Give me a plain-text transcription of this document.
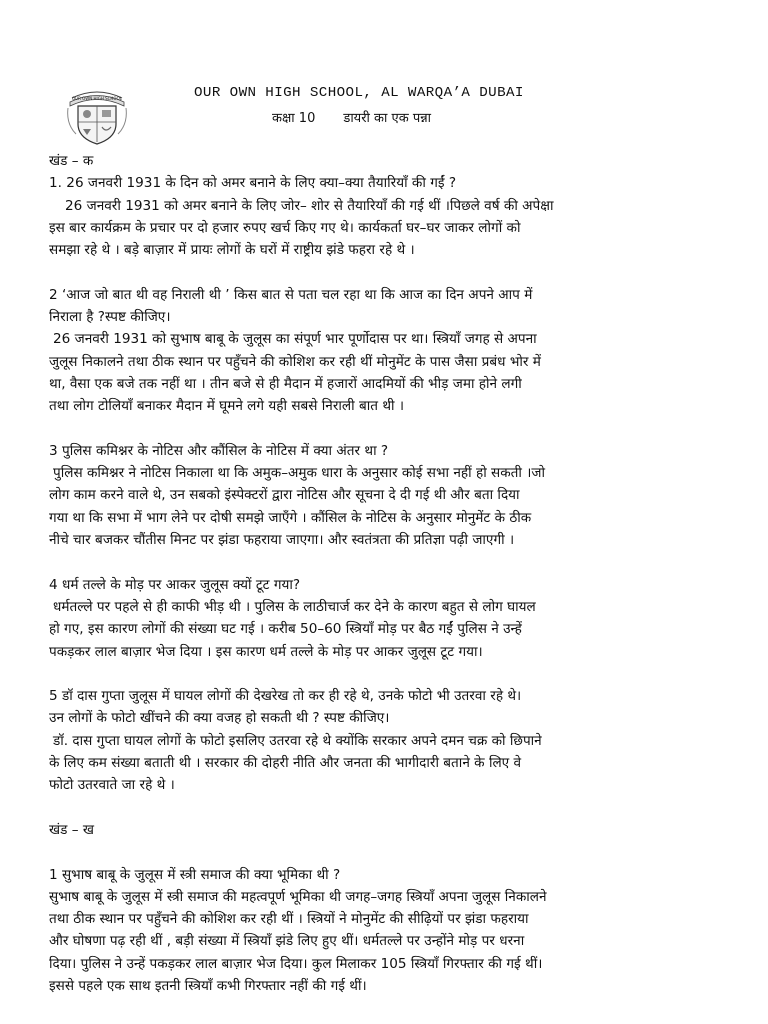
OUR OWN HIGH SCHOOL	OUR OWN HIGH SCHOOL, AL WARQA’A DUBAI
कक्षा 10 डायरी का एक पन्ना

खंड – क

1. 26 जनवरी 1931 के दिन को अमर बनाने के लिए क्या–क्या तैयारियाँ की गईं ?

26 जनवरी 1931 को अमर बनाने के लिए जोर– शोर से तैयारियाँ की गई थीं ।पिछले वर्ष की अपेक्षा

इस बार कार्यक्रम के प्रचार पर दो हजार रुपए खर्च किए गए थे। कार्यकर्ता घर–घर जाकर लोगों को

समझा रहे थे । बड़े बाज़ार में प्रायः लोगों के घरों में राष्ट्रीय झंडे फहरा रहे थे ।

2 ‘आज जो बात थी वह निराली थी ’ किस बात से पता चल रहा था कि आज का दिन अपने आप में

निराला है ?स्पष्ट कीजिए।

26 जनवरी 1931 को सुभाष बाबू के जुलूस का संपूर्ण भार पूर्णोदास पर था। स्त्रियाँ जगह से अपना

जुलूस निकालने तथा ठीक स्थान पर पहुँचने की कोशिश कर रही थीं मोनुमेंट के पास जैसा प्रबंध भोर में

था, वैसा एक बजे तक नहीं था । तीन बजे से ही मैदान में हजारों आदमियों की भीड़ जमा होने लगी

तथा लोग टोलियाँ बनाकर मैदान में घूमने लगे यही सबसे निराली बात थी ।

3 पुलिस कमिश्नर के नोटिस और कौंसिल के नोटिस में क्या अंतर था ?

पुलिस कमिश्नर ने नोटिस निकाला था कि अमुक–अमुक धारा के अनुसार कोई सभा नहीं हो सकती ।जो

लोग काम करने वाले थे, उन सबको इंस्पेक्टरों द्वारा नोटिस और सूचना दे दी गई थी और बता दिया

गया था कि सभा में भाग लेने पर दोषी समझे जाएँगे । कौंसिल के नोटिस के अनुसार मोनुमेंट के ठीक

नीचे चार बजकर चौंतीस मिनट पर झंडा फहराया जाएगा। और स्वतंत्रता की प्रतिज्ञा पढ़ी जाएगी ।

4 धर्म तल्ले के मोड़ पर आकर जुलूस क्यों टूट गया?

धर्मतल्ले पर पहले से ही काफी भीड़ थी । पुलिस के लाठीचार्ज कर देने के कारण बहुत से लोग घायल

हो गए, इस कारण लोगों की संख्या घट गई । करीब 50–60 स्त्रियाँ मोड़ पर बैठ गईं पुलिस ने उन्हें

पकड़कर लाल बाज़ार भेज दिया । इस कारण धर्म तल्ले के मोड़ पर आकर जुलूस टूट गया।

5 डॉ दास गुप्ता जुलूस में घायल लोगों की देखरेख तो कर ही रहे थे, उनके फोटो भी उतरवा रहे थे।

उन लोगों के फोटो खींचने की क्या वजह हो सकती थी ? स्पष्ट कीजिए।

डॉ. दास गुप्ता घायल लोगों के फोटो इसलिए उतरवा रहे थे क्योंकि सरकार अपने दमन चक्र को छिपाने

के लिए कम संख्या बताती थी । सरकार की दोहरी नीति और जनता की भागीदारी बताने के लिए वे

फोटो उतरवाते जा रहे थे ।

खंड – ख

1 सुभाष बाबू के जुलूस में स्त्री समाज की क्या भूमिका थी ?

सुभाष बाबू के जुलूस में स्त्री समाज की महत्वपूर्ण भूमिका थी जगह–जगह स्त्रियाँ अपना जुलूस निकालने

तथा ठीक स्थान पर पहुँचने की कोशिश कर रही थीं । स्त्रियों ने मोनुमेंट की सीढ़ियों पर झंडा फहराया

और घोषणा पढ़ रही थीं , बड़ी संख्या में स्त्रियाँ झंडे लिए हुए थीं। धर्मतल्ले पर उन्होंने मोड़ पर धरना

दिया। पुलिस ने उन्हें पकड़कर लाल बाज़ार भेज दिया। कुल मिलाकर 105 स्त्रियाँ गिरफ्तार की गई थीं।

इससे पहले एक साथ इतनी स्त्रियाँ कभी गिरफ्तार नहीं की गई थीं।
